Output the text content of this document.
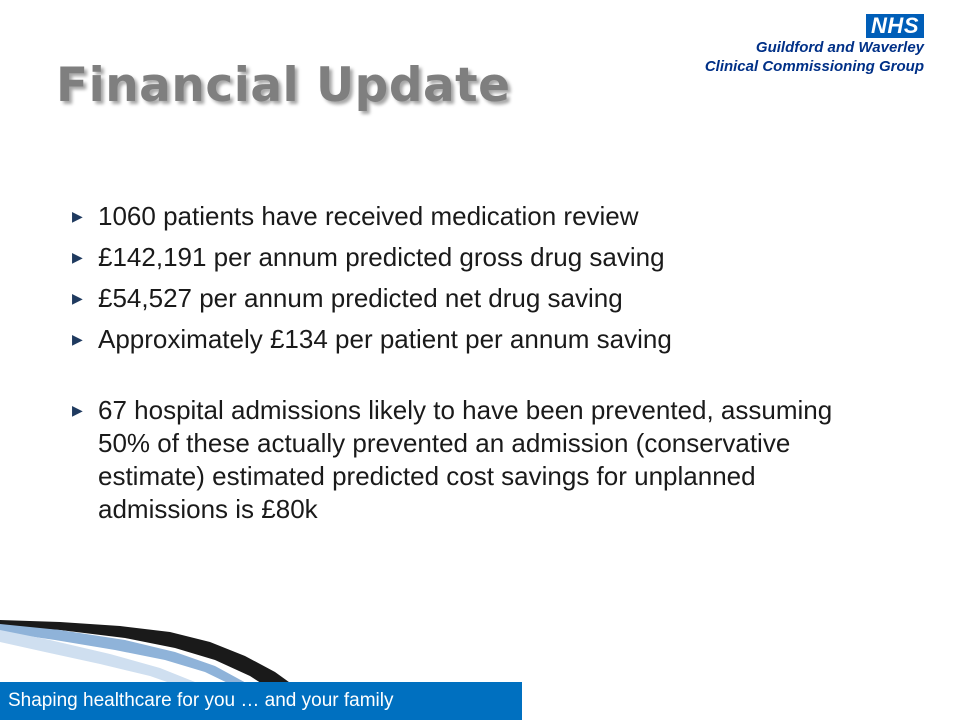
Financial Update
NHS
Guildford and Waverley
Clinical Commissioning Group
▶ 1060 patients have received medication review
▶ £142,191 per annum predicted gross drug saving
▶ £54,527 per annum predicted net drug saving
▶ Approximately £134 per patient per annum saving
▶ 67 hospital admissions likely to have been prevented, assuming 50% of these actually prevented an admission (conservative estimate) estimated predicted cost savings for unplanned admissions is £80k
Shaping healthcare for you … and your family
